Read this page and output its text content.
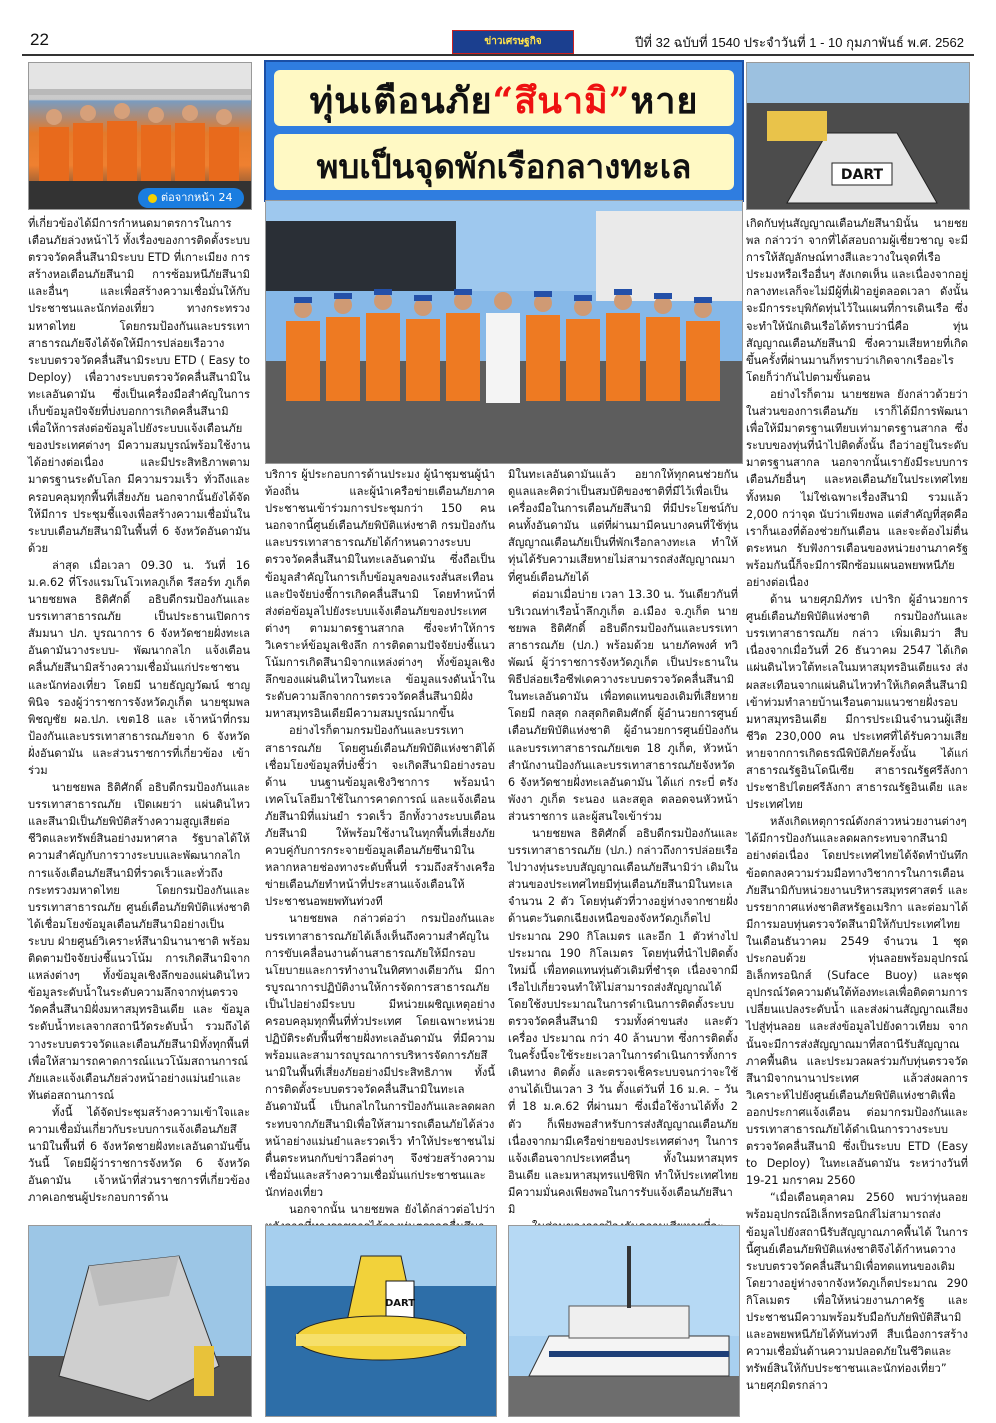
22	ข่าวเศรษฐกิจ	ปีที่ 32 ฉบับที่ 1540 ประจำวันที่ 1 - 10 กุมภาพันธ์ พ.ศ. 2562
ต่อจากหน้า 24
ทุ่นเตือนภัย“สึนามิ”หาย
พบเป็นจุดพักเรือกลางทะเล	DART

ที่เกี่ยวข้องได้มีการกำหนดมาตรการในการเตือนภัยล่วงหน้าไว้ ทั้งเรื่องของการติดตั้งระบบตรวจวัดคลื่นสึนามิระบบ ETD ที่เกาะเมียง การสร้างหอเตือนภัยสึนามิ การซ้อมหนีภัยสึนามิ และอื่นๆ และเพื่อสร้างความเชื่อมั่นให้กับประชาชนและนักท่องเที่ยว ทางกระทรวงมหาดไทย โดยกรมป้องกันและบรรเทาสาธารณภัยจึงได้จัดให้มีการปล่อยเรือวางระบบตรวจวัดคลื่นสึนามิระบบ ETD ( Easy to Deploy) เพื่อวางระบบตรวจวัดคลื่นสึนามิในทะเลอันดามัน ซึ่งเป็นเครื่องมือสำคัญในการเก็บข้อมูลปัจจัยที่บ่งบอกการเกิดคลื่นสึนามิ เพื่อให้การส่งต่อข้อมูลไปยังระบบแจ้งเตือนภัยของประเทศต่างๆ มีความสมบูรณ์พร้อมใช้งาน ได้อย่างต่อเนื่อง และมีประสิทธิภาพตามมาตรฐานระดับโลก มีความรวมเร็ว ทั่วถึงและครอบคลุมทุกพื้นที่เสี่ยงภัย นอกจากนั้นยังได้จัดให้มีการ ประชุมชี้แจงเพื่อสร้างความเชื่อมั่นในระบบเตือนภัยสึนามิในพื้นที่ 6 จังหวัดอันดามัน ด้วย

ล่าสุด เมื่อเวลา 09.30 น. วันที่ 16 ม.ค.62 ที่โรงแรมโนโวเทลภูเก็ต รีสอร์ท ภูเก็ต นายชยพล ธิติศักดิ์ อธิบดีกรมป้องกันและบรรเทาสาธารณภัย เป็นประธานเปิดการสัมมนา ปภ. บูรณาการ 6 จังหวัดชายฝั่งทะเลอันดามันวางระบบ- พัฒนากลไก แจ้งเตือนคลื่นภัยสึนามิสร้างความเชื่อมั่นแก่ประชาชนและนักท่องเที่ยว โดยมี นายธัญญวัฒน์ ชาญพินิจ รองผู้ว่าราชการจังหวัดภูเก็ต นายชุมพล พิชญชัย ผอ.ปภ. เขต18 และ เจ้าหน้าที่กรมป้องกันและบรรเทาสาธารณภัยจาก 6 จังหวัดฝั่งอันดามัน และส่วนราชการที่เกี่ยวข้อง เข้าร่วม

นายชยพล ธิติศักดิ์ อธิบดีกรมป้องกันและบรรเทาสาธารณภัย เปิดเผยว่า แผ่นดินไหวและสึนามิเป็นภัยพิบัติสร้างความสูญเสียต่อชีวิตและทรัพย์สินอย่างมหาศาล รัฐบาลได้ให้ความสำคัญกับการวางระบบและพัฒนากลไกการแจ้งเตือนภัยสึนามิที่รวดเร็วและทั่วถึง กระทรวงมหาดไทย โดยกรมป้องกันและบรรเทาสาธารณภัย ศูนย์เตือนภัยพิบัติแห่งชาติ ได้เชื่อมโยงข้อมูลเตือนภัยสึนามิอย่างเป็นระบบ ฝ่ายศูนย์วิเคราะห์สึนามินานาชาติ พร้อมติดตามปัจจัยบ่งชี้แนวโน้ม การเกิดสึนามิจากแหล่งต่างๆ ทั้งข้อมูลเชิงลึกของแผ่นดินไหว ข้อมูลระดับน้ำในระดับความลึกจากทุ่นตรวจวัดคลื่นสึนามิฝั่งมหาสมุทรอินเดีย และ ข้อมูลระดับน้ำทะเลจากสถานีวัดระดับน้ำ รวมถึงได้วางระบบตรวจวัดและเตือนภัยสึนามิทั้งทุกพื้นที่ เพื่อให้สามารถคาดการณ์แนวโน้มสถานการณ์ภัยและแจ้งเตือนภัยล่วงหน้าอย่างแม่นยำเเละทันต่อสถานการณ์

ทั้งนี้ ได้จัดประชุมสร้างความเข้าใจและความเชื่อมั่นเกี่ยวกับระบบการแจ้งเตือนภัยสึนามิในพื้นที่ 6 จังหวัดชายฝั่งทะเลอันดามันขึ้นวันนี้ โดยมีผู้ว่าราชการจังหวัด 6 จังหวัดอันดามัน เจ้าหน้าที่ส่วนราชการที่เกี่ยวข้อง ภาคเอกชนผู้ประกอบการด้าน

บริการ ผู้ประกอบการด้านประมง ผู้นำชุมชนผู้นำท้องถิ่น และผู้นำเครือข่ายเตือนภัยภาคประชาชนเข้าร่วมการประชุมกว่า 150 คน นอกจากนี้ศูนย์เตือนภัยพิบัติแห่งชาติ กรมป้องกันและบรรเทาสาธารณภัยได้กำหนดวางระบบตรวจวัดคลื่นสึนามิในทะเลอันดามัน ซึ่งถือเป็นข้อมูลสำคัญในการเก็บข้อมูลของแรงสั่นสะเทือน และปัจจัยบ่งชี้การเกิดคลื่นสึนามิ โดยทำหน้าที่ส่งต่อข้อมูลไปยังระบบแจ้งเตือนภัยของประเทศต่างๆ ตามมาตรฐานสากล ซึ่งจะทำให้การวิเคราะห์ข้อมูลเชิงลึก การติดตามปัจจัยบ่งชี้แนวโน้มการเกิดสึนามิจากแหล่งต่างๆ ทั้งข้อมูลเชิงลึกของแผ่นดินไหวในทะเล ข้อมูลแรงดันน้ำในระดับความลึกจากการตรวจวัดคลื่นสึนามิฝั่งมหาสมุทรอินเดียมีความสมบูรณ์มากขึ้น

อย่างไรก็ตามกรมป้องกันและบรรเทาสาธารณภัย โดยศูนย์เตือนภัยพิบัติแห่งชาติได้เชื่อมโยงข้อมูลที่บ่งชี้ว่า จะเกิดสึนามิอย่างรอบด้าน บนฐานข้อมูลเชิงวิชาการ พร้อมนำเทคโนโลยีมาใช้ในการคาดการณ์ และแจ้งเตือนภัยสึนามิที่แม่นยำ รวดเร็ว อีกทั้งวางระบบเตือนภัยสึนามิ ให้พร้อมใช้งานในทุกพื้นที่เสี่ยงภัย ควบคู่กับการกระจายข้อมูลเตือนภัยซึนามิในหลากหลายช่องทางระดับพื้นที่ รวมถึงสร้างเครือข่ายเตือนภัยทำหน้าที่ประสานแจ้งเตือนให้ประชาชนอพยพทันท่วงที

นายชยพล กล่าวต่อว่า กรมป้องกันและบรรเทาสาธารณภัยได้เล็งเห็นถึงความสำคัญในการขับเคลื่อนงานด้านสาธารณภัยให้มีกรอบนโยบายและการทำงานในทิศทางเดียวกัน มีการบูรณาการปฏิบัติงานให้การจัดการสาธารณภัยเป็นไปอย่างมีระบบ มีหน่วยเผชิญเหตุอย่างครอบคลุมทุกพื้นที่ทั่วประเทศ โดยเฉพาะหน่วยปฏิบัติระดับพื้นที่ชายฝั่งทะเลอันดามัน ที่มีความพร้อมและสามารถบูรณาการบริหารจัดการภัยสึนามิในพื้นที่เสี่ยงภัยอย่างมีประสิทธิภาพ ทั้งนี้การติดตั้งระบบตรวจวัดคลื่นสึนามิในทะเลอันดามันนี้ เป็นกลไกในการป้องกันและลดผลกระทบจากภัยสึนามิเพื่อให้สามารถเตือนภัยได้ล่วงหน้าอย่างแม่นยำและรวดเร็ว ทำให้ประชาชนไม่ตื่นตระหนกกับข่าวลือต่างๆ จึงช่วยสร้างความเชื่อมั่นและสร้างความเชื่อมั่นแก่ประชาชนและนักท่องเที่ยว

นอกจากนั้น นายชยพล ยังได้กล่าวต่อไปว่า

มิในทะเลอันดามันแล้ว อยากให้ทุกคนช่วยกันดูแลและคิดว่าเป็นสมบัติของชาติที่มีไว้เพื่อเป็นเครื่องมือในการเตือนภัยสึนามิ ที่มีประโยชน์กับคนทั้งอันดามัน แต่ที่ผ่านมามีคนบางคนที่ใช้ทุ่นสัญญาณเตือนภัยเป็นที่พักเรือกลางทะเล ทำให้ทุ่นได้รับความเสียหายไม่สามารถส่งสัญญาณมาที่ศูนย์เตือนภัยได้

ต่อมาเมื่อบ่าย เวลา 13.30 น. วันเดียวกันที่บริเวณท่าเรือน้ำลึกภูเก็ต อ.เมือง จ.ภูเก็ต นายชยพล ธิติศักดิ์ อธิบดีกรมป้องกันและบรรเทาสาธารณภัย (ปภ.) พร้อมด้วย นายภัคพงศ์ ทวิพัฒน์ ผู้ว่าราชการจังหวัดภูเก็ต เป็นประธานในพิธีปล่อยเรือซีฟเดควางระบบตรวจวัดคลื่นสึนามิในทะเลอันดามัน เพื่อทดแทนของเดิมที่เสียหาย โดยมี กลสุด กลสุดกิตติมศักดิ์ ผู้อำนวยการศูนย์เตือนภัยพิบัติแห่งชาติ ผู้อำนวยการศูนย์ป้องกันและบรรเทาสาธารณภัยเขต 18 ภูเก็ต, หัวหน้าสำนักงานป้องกันและบรรเทาสาธารณภัยจังหวัด 6 จังหวัดชายฝั่งทะเลอันดามัน ได้แก่ กระบี่ ตรัง พังงา ภูเก็ต ระนอง และสตูล ตลอดจนหัวหน้าส่วนราชการ และผู้สนใจเข้าร่วม

นายชยพล ธิติศักดิ์ อธิบดีกรมป้องกันและบรรเทาสาธารณภัย (ปภ.) กล่าวถึงการปล่อยเรือไปวางทุ่นระบบสัญญาณเตือนภัยสึนามิว่า เดิมในส่วนของประเทศไทยมีทุ่นเตือนภัยสึนามิในทะเลจำนวน 2 ตัว โดยทุ่นตัวที่วางอยู่ห่างจากชายฝั่งด้านตะวันตกเฉียงเหนือของจังหวัดภูเก็ตไปประมาณ 290 กิโลเมตร และอีก 1 ตัวห่างไปประมาณ 190 กิโลเมตร โดยทุ่นที่นำไปติดตั้งใหม่นี้ เพื่อทดแทนทุ่นตัวเดิมที่ชำรุด เนื่องจากมีเรือไปเกี่ยวจนทำให้ไม่สามารถส่งสัญญาณได้ โดยใช้งบประมาณในการดำเนินการติดตั้งระบบตรวจวัดคลื่นสึนามิ รวมทั้งค่าขนส่ง และตัวเครื่อง ประมาณ กว่า 40 ล้านบาท ซึ่งการติดตั้งในครั้งนี้จะใช้ระยะเวลาในการดำเนินการทั้งการเดินทาง ติดตั้ง และตรวจเช็คระบบจนกว่าจะใช้งานได้เป็นเวลา 3 วัน ตั้งแต่วันที่ 16 ม.ค. – วันที่ 18 ม.ค.62 ที่ผ่านมา ซึ่งเมื่อใช้งานได้ทั้ง 2 ตัว ก็เพียงพอสำหรับการส่งสัญญาณเตือนภัย เนื่องจากมามีเครือข่ายของประเทศต่างๆ ในการแจ้งเตือนจากประเทศอื่นๆ ทั้งในมหาสมุทรอินเดีย และมหาสมุทรแปซิฟิก ทำให้ประเทศไทยมีความมั่นคงเพียงพอในการรับแจ้งเตือนภัยสึนามิ

เกิดกับทุ่นสัญญาณเตือนภัยสึนามินั้น นายชยพล กล่าวว่า จากที่ได้สอบถามผู้เชี่ยวชาญ จะมีการให้สัญลักษณ์ทางสีและวางในจุดที่เรือประมงหรือเรืออื่นๆ สังเกตเห็น และเนื่องจากอยู่กลางทะเลก็จะไม่มีผู้ที่เฝ้าอยู่ตลอดเวลา ดังนั้นจะมีการระบุพิกัดทุ่นไว้ในแผนที่การเดินเรือ ซึ่งจะทำให้นักเดินเรือได้ทราบว่านี่คือ ทุ่นสัญญาณเตือนภัยสึนามิ ซึ่งความเสียหายที่เกิดขึ้นครั้งที่ผ่านมานก็ทราบว่าเกิดจากเรืออะไร โดยก็ว่ากันไปตามขั้นตอน

อย่างไรก็ตาม นายชยพล ยังกล่าวด้วยว่า ในส่วนของการเตือนภัย เราก็ได้มีการพัฒนาเพื่อให้มีมาตรฐานเทียบเท่ามาตรฐานสากล ซึ่งระบบของทุ่นที่นำไปติดตั้งนั้น ถือว่าอยู่ในระดับมาตรฐานสากล นอกจากนั้นเรายังมีระบบการเตือนภัยอื่นๆ และหอเตือนภัยในประเทศไทยทั้งหมด ไม่ใช่เฉพาะเรื่องสึนามิ รวมแล้ว 2,000 กว่าจุด นับว่าเพียงพอ แต่สำคัญที่สุดคือเราก็นเองที่ต้องช่วยกันเตือน และจะต้องไม่ตื่นตระหนก รับฟังการเตือนของหน่วยงานภาครัฐ พร้อมกันนี้ก็จะมีการฝึกซ้อมแผนอพยพหนีภัยอย่างต่อเนื่อง

ด้าน นายศุภมิภัทร เปาริก ผู้อำนวยการศูนย์เตือนภัยพิบัติแห่งชาติ กรมป้องกันและบรรเทาสาธารณภัย กล่าว เพิ่มเติมว่า สืบเนื่องจากเมื่อวันที่ 26 ธันวาคม 2547 ได้เกิดแผ่นดินไหวใต้ทะเลในมหาสมุทรอินเดียแรง ส่งผลสะเทือนจากแผ่นดินไหวทำให้เกิดคลื่นสึนามิเข้าท่วมทำลายบ้านเรือนตามแนวชายฝั่งรอบมหาสมุทรอินเดีย มีการประเมินจำนวนผู้เสียชีวิต 230,000 คน ประเทศที่ได้รับความเสียหายจากการเกิดธรณีพิบัติภัยครั้งนั้น ได้แก่ สาธารณรัฐอินโดนีเซีย สาธารณรัฐศรีลังกา ประชาธิปไตยศรีลังกา สาธารณรัฐอินเดีย และประเทศไทย

หลังเกิดเหตุการณ์ดังกล่าวหน่วยงานต่างๆได้มีการป้องกันและลดผลกระทบจากสึนามิอย่างต่อเนื่อง โดยประเทศไทยได้จัดทำบันทึกข้อตกลงความร่วมมือทางวิชาการในการเตือนภัยสึนามิกับหน่วยงานบริหารสมุทรศาสตร์ และบรรยากาศแห่งชาติสหรัฐอเมริกา และต่อมาได้มีการมอบทุ่นตรวจวัดสึนามิให้กับประเทศไทย ในเดือนธันวาคม 2549 จำนวน 1 ชุด ประกอบด้วย ทุ่นลอยพร้อมอุปกรณ์อิเล็กทรอนิกส์ (Suface Buoy) และชุดอุปกรณ์วัดความดันใต้ท้องทะเลเพื่อติดตามการเปลี่ยนแปลงระดับน้ำ และส่งผ่านสัญญาณเสียงไปสู่ทุ่นลอย และส่งข้อมูลไปยังดาวเทียม จากนั้นจะมีการส่งสัญญาณมาที่สถานีรับสัญญาณภาคพื้นดิน และประมวลผลร่วมกับทุ่นตรวจวัดสึนามิจากนานาประเทศ แล้วส่งผลการวิเคราะห์ไปยังศูนย์เตือนภัยพิบัติแห่งชาติเพื่อออกประกาศแจ้งเตือน ต่อมากรมป้องกันและบรรเทาสาธารณภัยได้ดำเนินการวางระบบตรวจวัดคลื่นสึนามิ ซึ่งเป็นระบบ ETD (Easy to Deploy) ในทะเลอันดามัน ระหว่างวันที่ 19-21 มกราคม 2560

“เมื่อเดือนตุลาคม 2560 พบว่าทุ่นลอยพร้อมอุปกรณ์อิเล็กทรอนิกส์ไม่สามารถส่งข้อมูลไปยังสถานีรับสัญญาณภาคพื้นได้ ในการนี้ศูนย์เตือนภัยพิบัติแห่งชาติจึงได้กำหนดวางระบบตรวจวัดคลื่นสึนามิเพื่อทดแทนของเดิม โดยวางอยู่ห่างจากจังหวัดภูเก็ตประมาณ 290 กิโลเมตร เพื่อให้หน่วยงานภาครัฐ และประชาชนมีความพร้อมรับมือกับภัยพิบัติสึนามิ และอพยพหนีภัยได้ทันท่วงที สืบเนื่องการสร้างความเชื่อมั่นด้านความปลอดภัยในชีวิตและทรัพย์สินให้กับประชาชนและนักท่องเที่ยว” นายศุภมิตรกล่าว

DART
